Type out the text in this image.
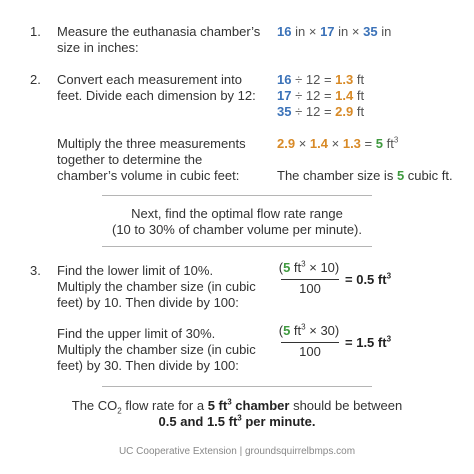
1. Measure the euthanasia chamber’s
size in inches:
16 in × 17 in × 35 in
2. Convert each measurement into
feet. Divide each dimension by 12:
16 ÷ 12 = 1.3 ft
17 ÷ 12 = 1.4 ft
35 ÷ 12 = 2.9 ft
Multiply the three measurements
together to determine the
chamber’s volume in cubic feet:
2.9 × 1.4 × 1.3 = 5 $ft^3$
The chamber size is 5 cubic ft.
Next, find the optimal flow rate range
(10 to 30% of chamber volume per minute).
3. Find the lower limit of 10%.
Multiply the chamber size (in cubic
feet) by 10. Then divide by 100:
(5 $ft^3 \times 10$)
100
= 0.5 $ft^3$
Find the upper limit of 30%.
Multiply the chamber size (in cubic
feet) by 30. Then divide by 100:
(5 $ft^3 \times 30$)
100
= 1.5 $ft^3$
The $CO_2$ flow rate for a 5 $ft^3$ chamber should be between
0.5 and 1.5 $ft^3$ per minute.
UC Cooperative Extension | groundsquirrelbmps.com
